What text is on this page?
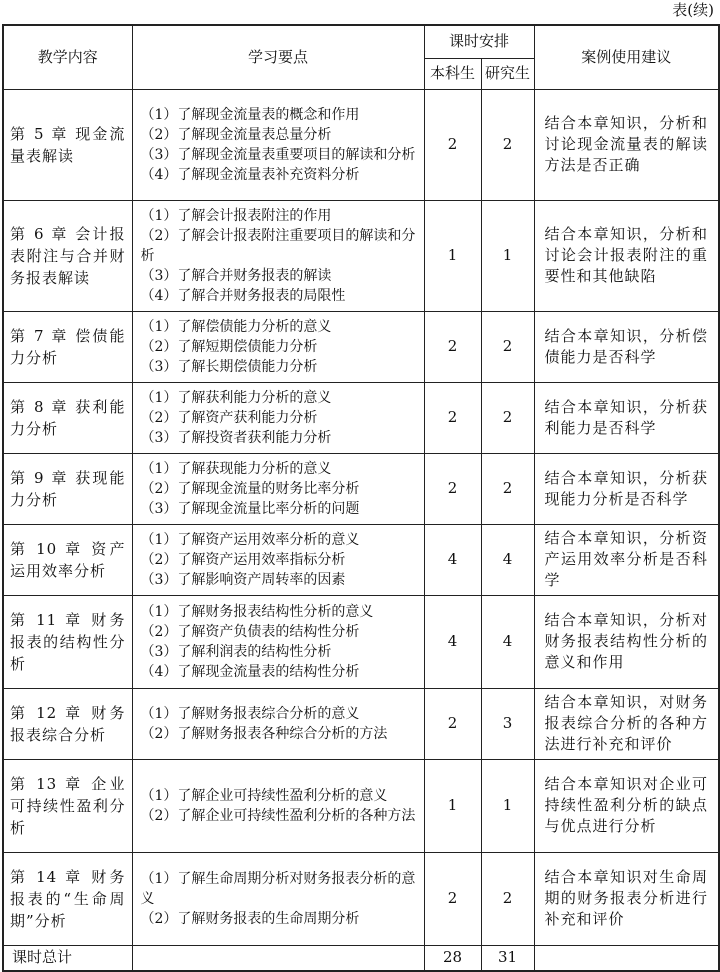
表(续)
教学内容	学习要点	课时安排		案例使用建议
		本科生	研究生	
第 5 章 现金流量表解读	（1）了解现金流量表的概念和作用
（2）了解现金流量表总量分析
（3）了解现金流量表重要项目的解读和分析
（4）了解现金流量表补充资料分析	2	2	结合本章知识，分析和讨论现金流量表的解读方法是否正确
第 6 章 会计报表附注与合并财务报表解读	（1）了解会计报表附注的作用
（2）了解会计报表附注重要项目的解读和分析
（3）了解合并财务报表的解读
（4）了解合并财务报表的局限性	1	1	结合本章知识，分析和讨论会计报表附注的重要性和其他缺陷
第 7 章 偿债能力分析	（1）了解偿债能力分析的意义
（2）了解短期偿债能力分析
（3）了解长期偿债能力分析	2	2	结合本章知识，分析偿债能力是否科学
第 8 章 获利能力分析	（1）了解获利能力分析的意义
（2）了解资产获利能力分析
（3）了解投资者获利能力分析	2	2	结合本章知识，分析获利能力是否科学
第 9 章 获现能力分析	（1）了解获现能力分析的意义
（2）了解现金流量的财务比率分析
（3）了解现金流量比率分析的问题	2	2	结合本章知识，分析获现能力分析是否科学
第 10 章 资产运用效率分析	（1）了解资产运用效率分析的意义
（2）了解资产运用效率指标分析
（3）了解影响资产周转率的因素	4	4	结合本章知识，分析资产运用效率分析是否科学
第 11 章 财务报表的结构性分析	（1）了解财务报表结构性分析的意义
（2）了解资产负债表的结构性分析
（3）了解利润表的结构性分析
（4）了解现金流量表的结构性分析	4	4	结合本章知识，分析对财务报表结构性分析的意义和作用
第 12 章 财务报表综合分析	（1）了解财务报表综合分析的意义
（2）了解财务报表各种综合分析的方法	2	3	结合本章知识，对财务报表综合分析的各种方法进行补充和评价
第 13 章 企业可持续性盈利分析	（1）了解企业可持续性盈利分析的意义
（2）了解企业可持续性盈利分析的各种方法	1	1	结合本章知识对企业可持续性盈利分析的缺点与优点进行分析
第 14 章 财务报表的“生命周期”分析	（1）了解生命周期分析对财务报表分析的意义
（2）了解财务报表的生命周期分析	2	2	结合本章知识对生命周期的财务报表分析进行补充和评价
课时总计		28	31	
